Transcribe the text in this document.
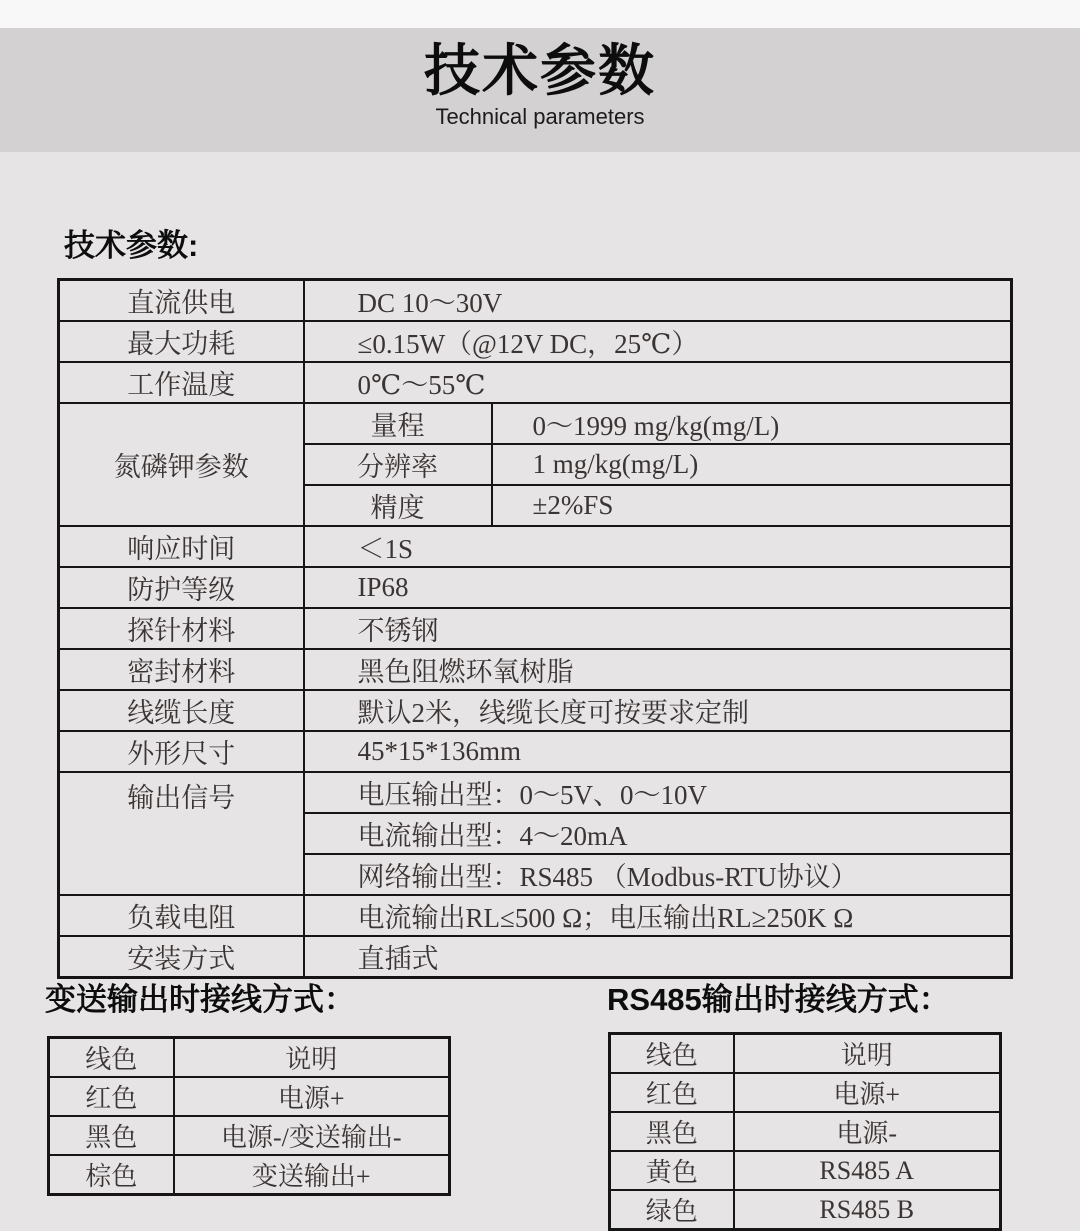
技术参数

Technical parameters

技术参数:
直流供电	DC 10～30V	
最大功耗	≤0.15W（@12V DC，25℃）	
工作温度	0℃～55℃	
氮磷钾参数	量程	0～1999 mg/kg(mg/L)
	分辨率	1 mg/kg(mg/L)
	精度	±2%FS
响应时间	＜1S	
防护等级	IP68	
探针材料	不锈钢	
密封材料	黑色阻燃环氧树脂	
线缆长度	默认2米，线缆长度可按要求定制	
外形尺寸	45*15*136mm	
输出信号	电压输出型：0～5V、0～10V	
	电流输出型：4～20mA	
	网络输出型：RS485 （Modbus-RTU协议）	
负载电阻	电流输出RL≤500 Ω；电压输出RL≥250K Ω	
安装方式	直插式	
变送输出时接线方式：
线色	说明
红色	电源+
黑色	电源-/变送输出-
棕色	变送输出+
RS485输出时接线方式：
线色	说明
红色	电源+
黑色	电源-
黄色	RS485 A
绿色	RS485 B
